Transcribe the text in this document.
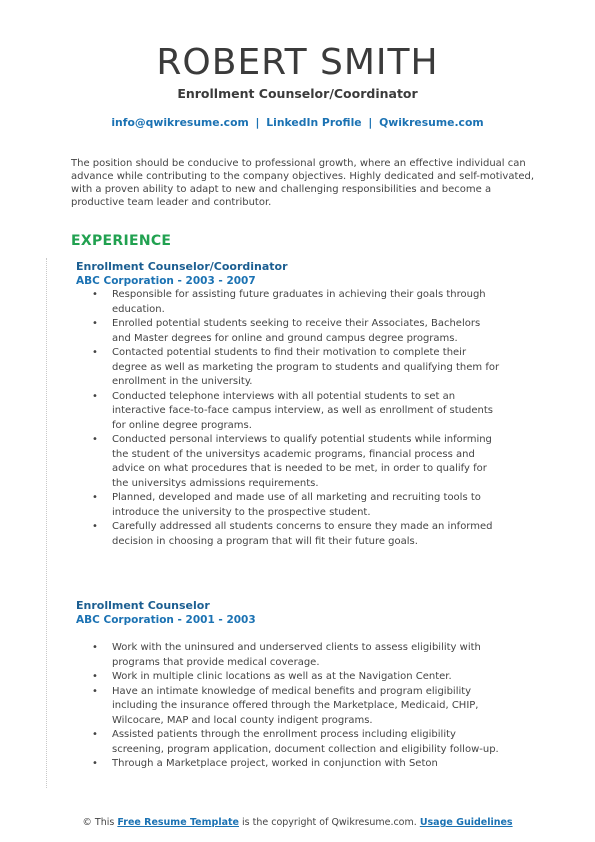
ROBERT SMITH
Enrollment Counselor/Coordinator
info@qwikresume.com | LinkedIn Profile | Qwikresume.com
The position should be conducive to professional growth, where an effective individual can advance while contributing to the company objectives. Highly dedicated and self-motivated, with a proven ability to adapt to new and challenging responsibilities and become a productive team leader and contributor.
EXPERIENCE
Enrollment Counselor/Coordinator
ABC Corporation - 2003 - 2007
• Responsible for assisting future graduates in achieving their goals through education.
• Enrolled potential students seeking to receive their Associates, Bachelors and Master degrees for online and ground campus degree programs.
• Contacted potential students to find their motivation to complete their degree as well as marketing the program to students and qualifying them for enrollment in the university.
• Conducted telephone interviews with all potential students to set an interactive face-to-face campus interview, as well as enrollment of students for online degree programs.
• Conducted personal interviews to qualify potential students while informing the student of the universitys academic programs, financial process and advice on what procedures that is needed to be met, in order to qualify for the universitys admissions requirements.
• Planned, developed and made use of all marketing and recruiting tools to introduce the university to the prospective student.
• Carefully addressed all students concerns to ensure they made an informed decision in choosing a program that will fit their future goals.
Enrollment Counselor
ABC Corporation - 2001 - 2003
• Work with the uninsured and underserved clients to assess eligibility with programs that provide medical coverage.
• Work in multiple clinic locations as well as at the Navigation Center.
• Have an intimate knowledge of medical benefits and program eligibility including the insurance offered through the Marketplace, Medicaid, CHIP, Wilcocare, MAP and local county indigent programs.
• Assisted patients through the enrollment process including eligibility screening, program application, document collection and eligibility follow-up.
• Through a Marketplace project, worked in conjunction with Seton
© This Free Resume Template is the copyright of Qwikresume.com. Usage Guidelines
